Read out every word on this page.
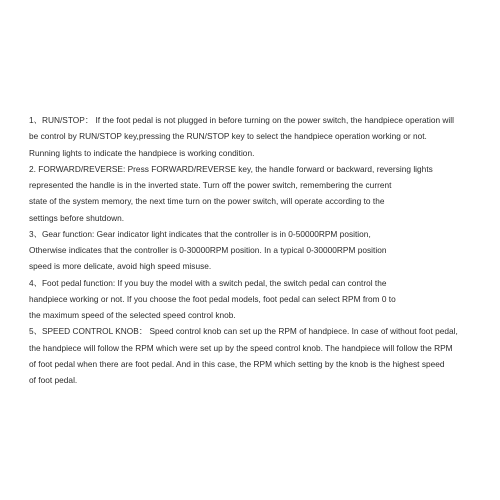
1、RUN/STOP： If the foot pedal is not plugged in before turning on the power switch, the handpiece operation will
be control by RUN/STOP key,pressing the RUN/STOP key to select the handpiece operation working or not.
Running lights to indicate the handpiece is working condition.
2. FORWARD/REVERSE: Press FORWARD/REVERSE key, the handle forward or backward, reversing lights
represented the handle is in the inverted state. Turn off the power switch, remembering the current
state of the system memory, the next time turn on the power switch, will operate according to the
settings before shutdown.
3、Gear function: Gear indicator light indicates that the controller is in 0-50000RPM position,
Otherwise indicates that the controller is 0-30000RPM position. In a typical 0-30000RPM position
speed is more delicate, avoid high speed misuse.
4、Foot pedal function: If you buy the model with a switch pedal, the switch pedal can control the
handpiece working or not. If you choose the foot pedal models, foot pedal can select RPM from 0 to
the maximum speed of the selected speed control knob.
5、SPEED CONTROL KNOB： Speed control knob can set up the RPM of handpiece. In case of without foot pedal,
the handpiece will follow the RPM which were set up by the speed control knob. The handpiece will follow the RPM
of foot pedal when there are foot pedal. And in this case, the RPM which setting by the knob is the highest speed
of foot pedal.
